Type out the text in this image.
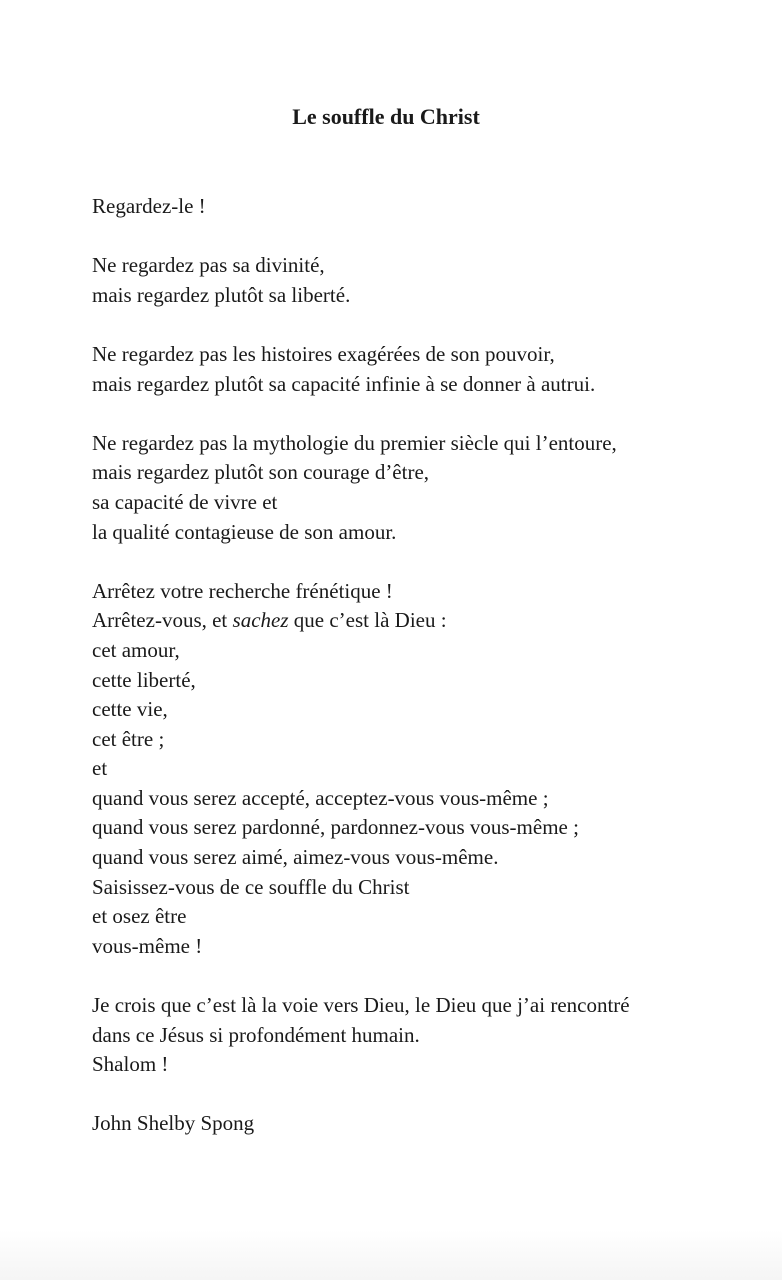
Le souffle du Christ
Regardez-le !
Ne regardez pas sa divinité,
mais regardez plutôt sa liberté.
Ne regardez pas les histoires exagérées de son pouvoir,
mais regardez plutôt sa capacité infinie à se donner à autrui.
Ne regardez pas la mythologie du premier siècle qui l’entoure,
mais regardez plutôt son courage d’être,
sa capacité de vivre et
la qualité contagieuse de son amour.
Arrêtez votre recherche frénétique !
Arrêtez-vous, et sachez que c’est là Dieu :
cet amour,
cette liberté,
cette vie,
cet être ;
et
quand vous serez accepté, acceptez-vous vous-même ;
quand vous serez pardonné, pardonnez-vous vous-même ;
quand vous serez aimé, aimez-vous vous-même.
Saisissez-vous de ce souffle du Christ
et osez être
vous-même !
Je crois que c’est là la voie vers Dieu, le Dieu que j’ai rencontré
dans ce Jésus si profondément humain.
Shalom !
John Shelby Spong
